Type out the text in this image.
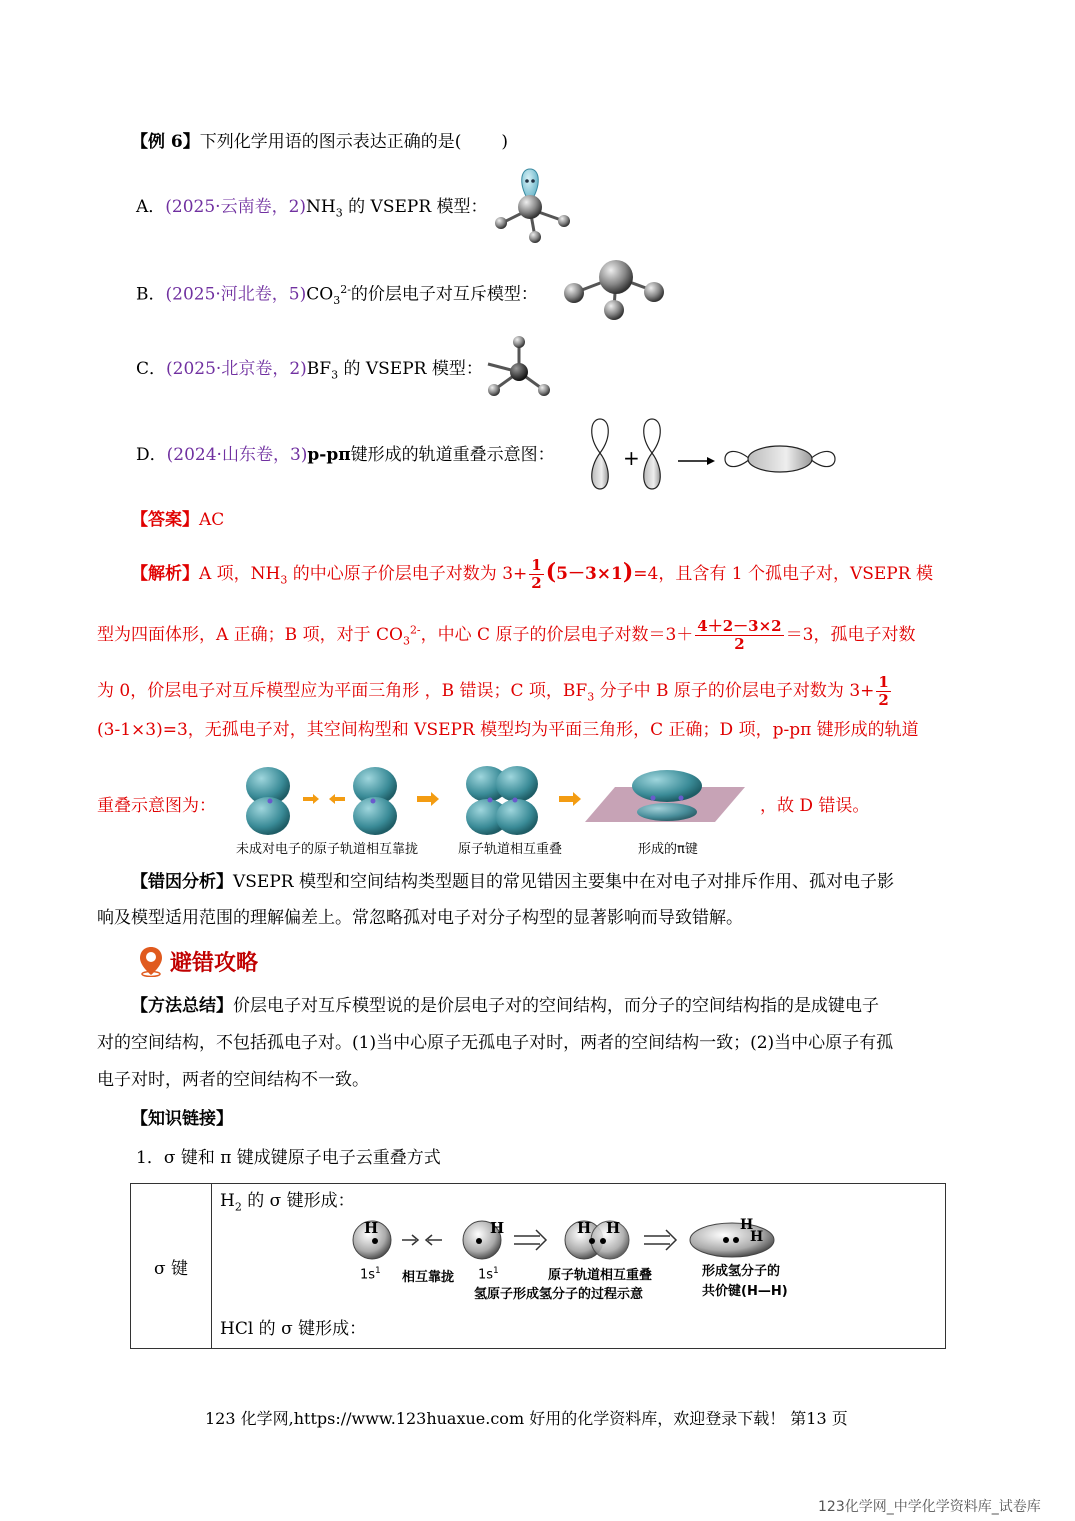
【例 6】下列化学用语的图示表达正确的是( )
A．(2025·云南卷，$2)NH_3$ 的 VSEPR 模型：
B．(2025·河北卷，$5)CO_3^{2-}$的价层电子对互斥模型：
C．(2025·北京卷，$2)BF_3$ 的 VSEPR 模型：
D．(2024·山东卷，3)p-pπ键形成的轨道重叠示意图：	+
【答案】AC
【解析】A 项，$NH_3$ 的中心原子价层电子对数为 $3+ \frac{1}{2} (5-3\times 1)=4$，且含有 1 个孤电子对，VSEPR 模
型为四面体形，A 正确；B 项，对于 $CO_3^{2-}$，中心 C 原子的价层电子对数$=3+ \frac{4+2-3\times 2}{2} =3$，孤电子对数
为 0，价层电子对互斥模型应为平面三角形 ，B 错误；C 项，$BF_3$ 分子中 B 原子的价层电子对数为 $3+ \frac{1}{2}$
(3-1×3)=3，无孤电子对，其空间构型和 VSEPR 模型均为平面三角形，C 正确；D 项，p-pπ 键形成的轨道
重叠示意图为：	，故 D 错误。
未成对电子的原子轨道相互靠拢	原子轨道相互重叠	形成的π键
【错因分析】VSEPR 模型和空间结构类型题目的常见错因主要集中在对电子对排斥作用、孤对电子影
响及模型适用范围的理解偏差上。常忽略孤对电子对分子构型的显著影响而导致错解。
避错攻略
【方法总结】价层电子对互斥模型说的是价层电子对的空间结构，而分子的空间结构指的是成键电子
对的空间结构，不包括孤电子对。(1)当中心原子无孤电子对时，两者的空间结构一致；(2)当中心原子有孤
电子对时，两者的空间结构不一致。
【知识链接】
1．σ 键和 π 键成键原子电子云重叠方式
σ 键	
$H_2$ 的 σ 键形成：
H	H	H H	H
H
$1s^1$ 相互靠拢 $1s^1$	原子轨道相互重叠
氢原子形成氢分子的过程示意
形成氢分子的
共价键(H—H)
HCl 的 σ 键形成：
123 化学网,https://www.123huaxue.com 好用的化学资料库，欢迎登录下载！ 第13 页
123化学网_中学化学资料库_试卷库
